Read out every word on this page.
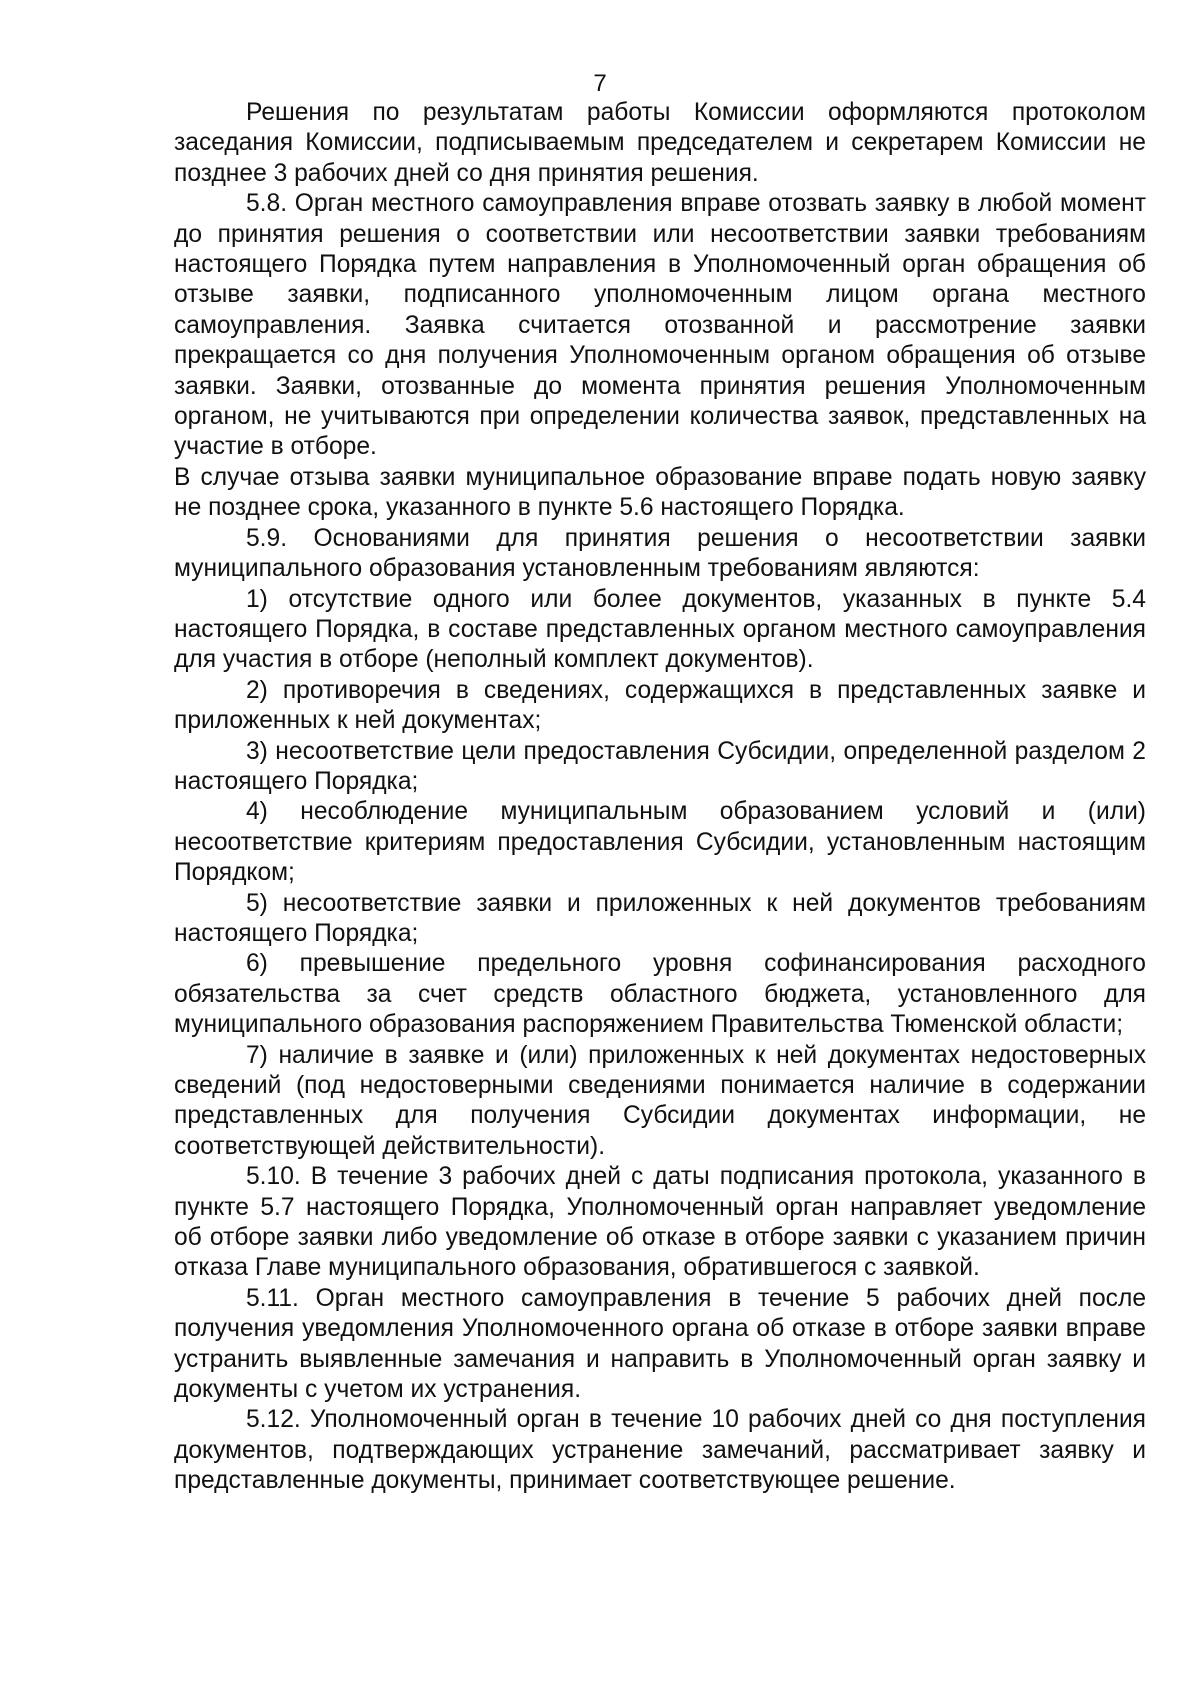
7

Решения по результатам работы Комиссии оформляются протоколом заседания Комиссии, подписываемым председателем и секретарем Комиссии не позднее 3 рабочих дней со дня принятия решения.

5.8. Орган местного самоуправления вправе отозвать заявку в любой момент до принятия решения о соответствии или несоответствии заявки требованиям настоящего Порядка путем направления в Уполномоченный орган обращения об отзыве заявки, подписанного уполномоченным лицом органа местного самоуправления. Заявка считается отозванной и рассмотрение заявки прекращается со дня получения Уполномоченным органом обращения об отзыве заявки. Заявки, отозванные до момента принятия решения Уполномоченным органом, не учитываются при определении количества заявок, представленных на участие в отборе.

В случае отзыва заявки муниципальное образование вправе подать новую заявку не позднее срока, указанного в пункте 5.6 настоящего Порядка.

5.9. Основаниями для принятия решения о несоответствии заявки муниципального образования установленным требованиям являются:

1) отсутствие одного или более документов, указанных в пункте 5.4 настоящего Порядка, в составе представленных органом местного самоуправления для участия в отборе (неполный комплект документов).

2) противоречия в сведениях, содержащихся в представленных заявке и приложенных к ней документах;

3) несоответствие цели предоставления Субсидии, определенной разделом 2 настоящего Порядка;

4) несоблюдение муниципальным образованием условий и (или) несоответствие критериям предоставления Субсидии, установленным настоящим Порядком;

5) несоответствие заявки и приложенных к ней документов требованиям настоящего Порядка;

6) превышение предельного уровня софинансирования расходного обязательства за счет средств областного бюджета, установленного для муниципального образования распоряжением Правительства Тюменской области;

7) наличие в заявке и (или) приложенных к ней документах недостоверных сведений (под недостоверными сведениями понимается наличие в содержании представленных для получения Субсидии документах информации, не соответствующей действительности).

5.10. В течение 3 рабочих дней с даты подписания протокола, указанного в пункте 5.7 настоящего Порядка, Уполномоченный орган направляет уведомление об отборе заявки либо уведомление об отказе в отборе заявки с указанием причин отказа Главе муниципального образования, обратившегося с заявкой.

5.11. Орган местного самоуправления в течение 5 рабочих дней после получения уведомления Уполномоченного органа об отказе в отборе заявки вправе устранить выявленные замечания и направить в Уполномоченный орган заявку и документы с учетом их устранения.

5.12. Уполномоченный орган в течение 10 рабочих дней со дня поступления документов, подтверждающих устранение замечаний, рассматривает заявку и представленные документы, принимает соответствующее решение.
